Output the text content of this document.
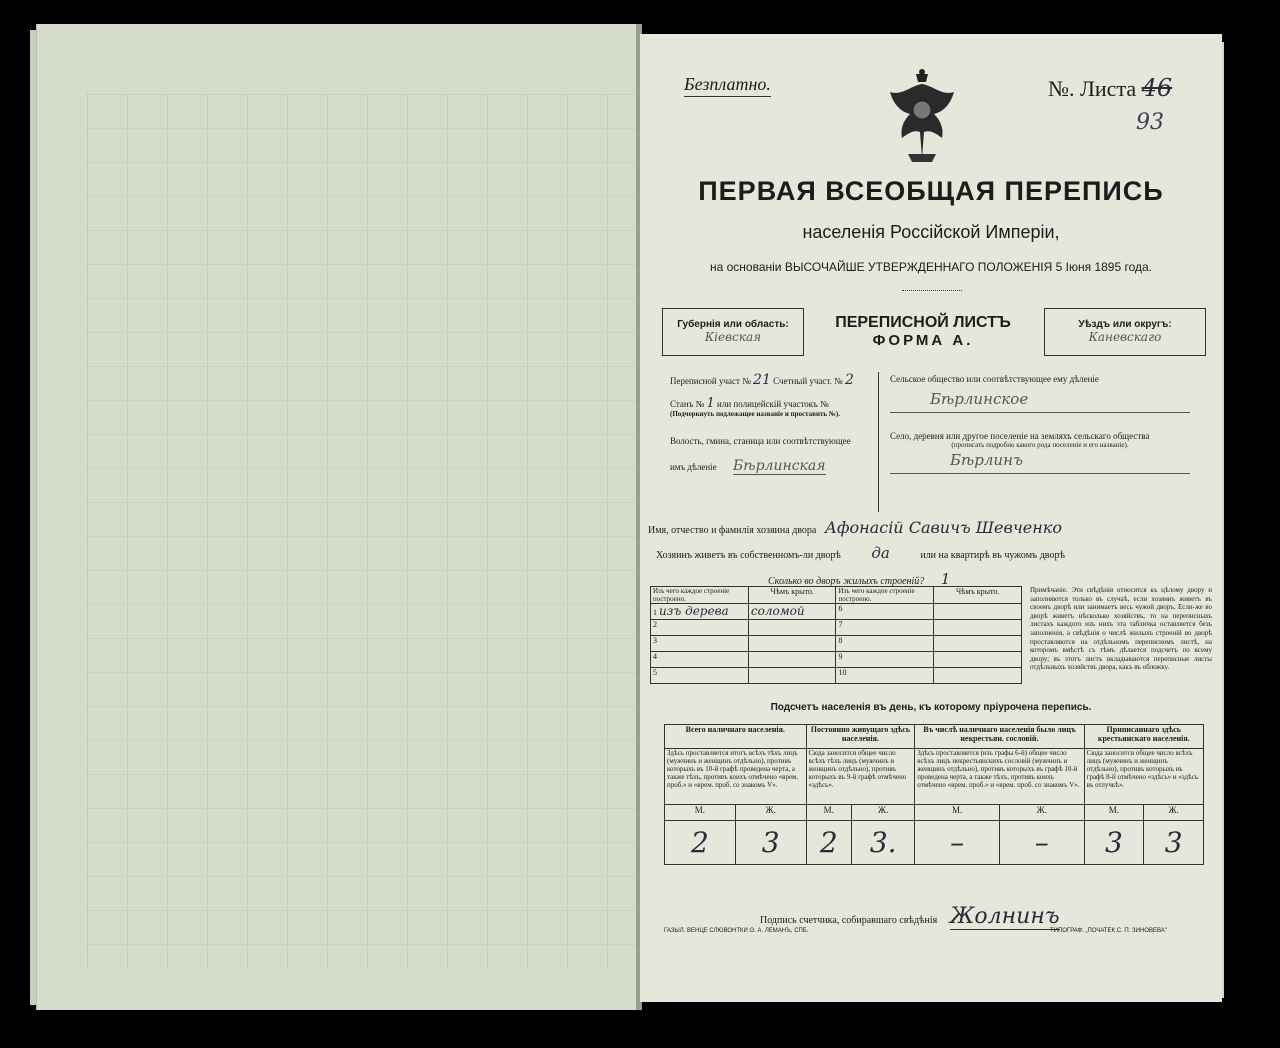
Безплатно.	№. Листа 46
93
ПЕРВАЯ ВСЕОБЩАЯ ПЕРЕПИСЬ
населенія Россійской Имперіи,
на основаніи ВЫСОЧАЙШЕ УТВЕРЖДЕННАГО ПОЛОЖЕНІЯ 5 Іюня 1895 года.
Губернія или область:
Кіевская
ПЕРЕПИСНОЙ ЛИСТЪ
ФОРМА А.
Уѣздъ или округъ:
Каневскаго
Переписной участ № 21 Счетный участ. № 2
Станъ № 1 или полицейскій участокъ №
(Подчеркнуть подлежащее названіе и проставить №).
Волость, гмина, станица или соотвѣтствующее
имъ дѣленіе Бѣрлинская
Сельское общество или соотвѣтствующее ему дѣленіе
Бѣрлинское
Село, деревня или другое поселеніе на земляхъ сельскаго общества
(прописать подробно какого рода поселеніе и его названіе).
Бѣрлинъ
Имя, отчество и фамилія хозяина двора Афонасій Савичъ Шевченко
Хозяинъ живетъ въ собственномъ-ли дворѣ да	или на квартирѣ въ чужомъ дворѣ
Сколько во дворъ жилыхъ строеній? 1
Изъ чего каждое строеніе построено.	Чѣмъ крыто.	Изъ чего каждое строеніе построено.	Чѣмъ крыто.
1 изъ дерева	соломой	6	
2		7	
3		8	
4		9	
5		10	
Примѣчаніе. Эти свѣдѣнія относятся къ цѣлому двору и заполняются только въ случаѣ, если хозяинъ живетъ въ своемъ дворѣ или занимаетъ весь чужой дворъ. Если-же во дворѣ живетъ нѣсколько хозяйствъ, то на переписныхъ листахъ каждого изъ нихъ эта табличка оставляется безъ заполненія, а свѣдѣнія о числѣ жилыхъ строеній во дворѣ проставляются на отдѣльномъ переписномъ листѣ, на которомъ вмѣстѣ съ тѣмъ дѣлается подсчетъ по всему двору; въ этотъ листъ вкладываются переписные листы отдѣльныхъ хозяйствъ двора, какъ въ обложку.
Подсчетъ населенія въ день, къ которому пріурочена перепись.
Всего наличнаго населенія.		Постоянно живущаго здѣсь населенія.		Въ числѣ наличнаго населенія было лицъ некрестьян. сословій.		Приписаннаго здѣсь крестьянскаго населенія.	
Здѣсь проставляется итогъ всѣхъ тѣхъ лицъ (мужчинъ и женщинъ отдѣльно), противъ которыхъ въ 10-й графѣ проведена черта, а также тѣхъ, противъ коихъ отмѣчено «врем. проб.» и «врем. проб. со знакомъ V».		Сюда заносится общее число всѣхъ тѣхъ лицъ (мужчинъ и женщинъ отдѣльно), противъ которыхъ въ 9-й графѣ отмѣчено «здѣсь».		Здѣсь проставляется (изъ графы 6-й) общее число всѣхъ лицъ некрестьянскихъ сословій (мужчинъ и женщинъ отдѣльно), противъ которыхъ въ графѣ 10-й проведена черта, а также тѣхъ, противъ коихъ отмѣчено «врем. проб.» и «врем. проб. со знакомъ V».		Сюда заносится общее число всѣхъ лицъ (мужчинъ и женщинъ отдѣльно), противъ которыхъ въ графѣ 8-й отмѣчено «здѣсь» и «здѣсь въ отлучкѣ».	
М.	Ж.	М.	Ж.	М.	Ж.	М.	Ж.
2	3	2	3.	–	–	3	3
Подпись счетчика, собиравшаго свѣдѣнія Жолнинъ
ГАЗЫЛ. ВЕНЦЕ СЛЮВОНТКИ О. А. ЛЕМАНЪ, СПБ.	ТИПОГРАФ. „ПОЧАТЕК С. П. ЗИНОВЕВА"
